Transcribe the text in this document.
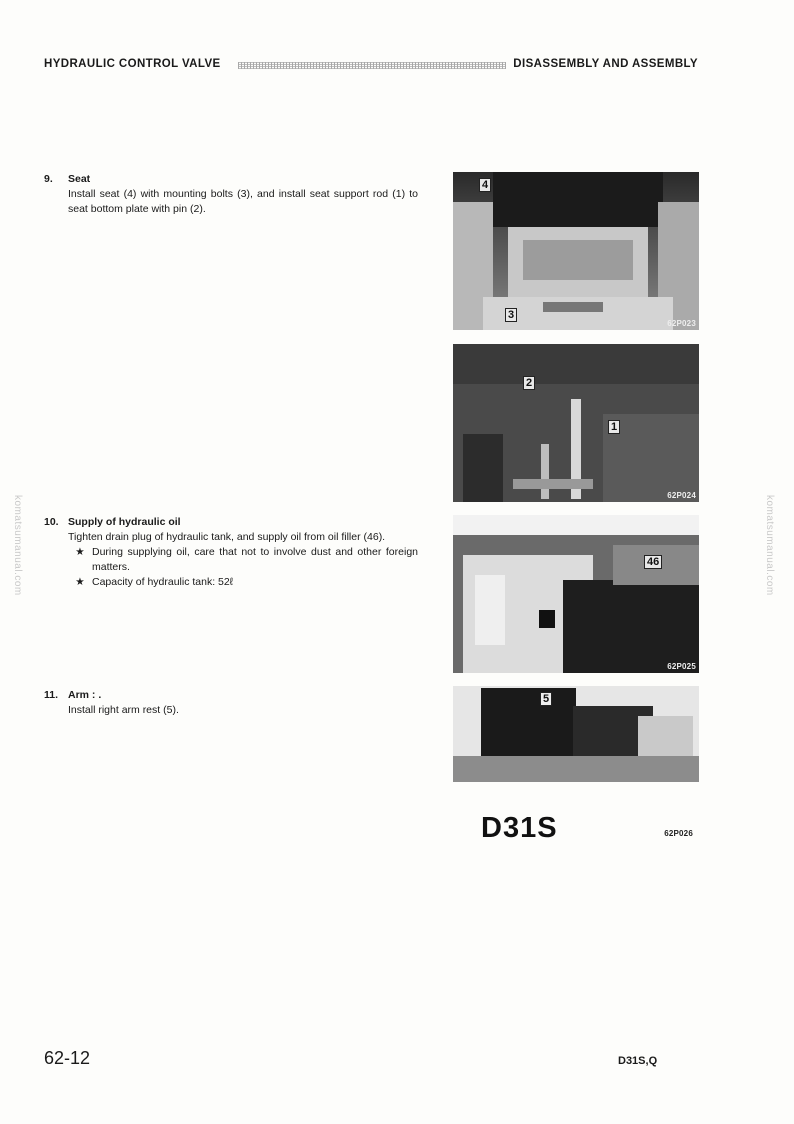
HYDRAULIC CONTROL VALVE	DISASSEMBLY AND ASSEMBLY
9. Seat
Install seat (4) with mounting bolts (3), and install seat support rod (1) to seat bottom plate with pin (2).
10. Supply of hydraulic oil
Tighten drain plug of hydraulic tank, and supply oil from oil filler (46).
★ During supplying oil, care that not to involve dust and other foreign matters.
★ Capacity of hydraulic tank: 52ℓ
11. Arm : .
Install right arm rest (5).
4
3
62P023
2
1
62P024
46
62P025
5
D31S	62P026
komatsumanual.com	komatsumanual.com
62-12	D31S,Q
